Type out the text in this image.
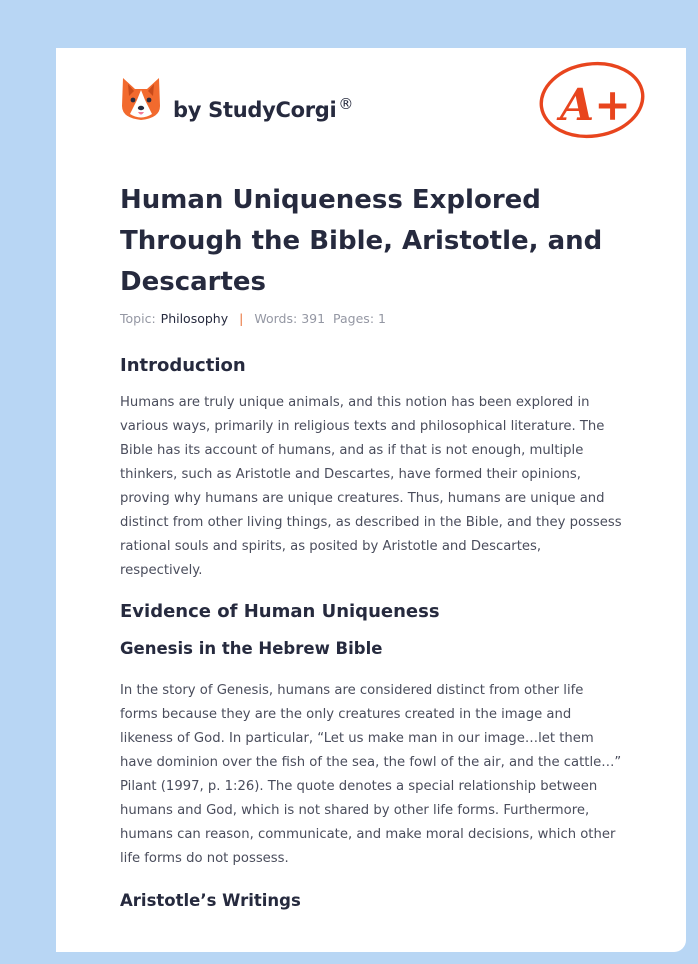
by StudyCorgi ®	A+
Human Uniqueness Explored Through the Bible, Aristotle, and Descartes
Topic: Philosophy | Words: 391 Pages: 1
Introduction

Humans are truly unique animals, and this notion has been explored in various ways, primarily in religious texts and philosophical literature. The Bible has its account of humans, and as if that is not enough, multiple thinkers, such as Aristotle and Descartes, have formed their opinions, proving why humans are unique creatures. Thus, humans are unique and distinct from other living things, as described in the Bible, and they possess rational souls and spirits, as posited by Aristotle and Descartes, respectively.

Evidence of Human Uniqueness
Genesis in the Hebrew Bible

In the story of Genesis, humans are considered distinct from other life forms because they are the only creatures created in the image and likeness of God. In particular, “Let us make man in our image…let them have dominion over the fish of the sea, the fowl of the air, and the cattle…” Pilant (1997, p. 1:26). The quote denotes a special relationship between humans and God, which is not shared by other life forms. Furthermore, humans can reason, communicate, and make moral decisions, which other life forms do not possess.

Aristotle’s Writings
